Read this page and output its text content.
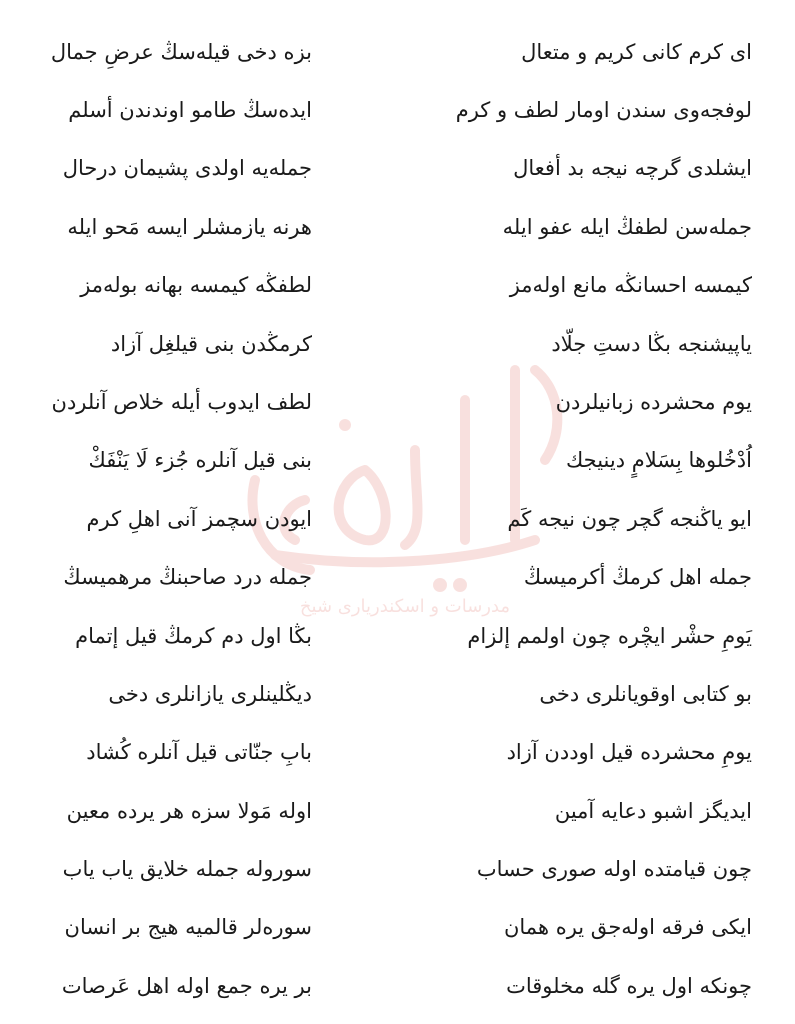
مدرسات و اسکندریاری شیخ
ای کرم کانی کریم و متعال
بزه دخی قیله‌سڭ عرضِ جمال
لوفجه‌وی سندن اومار لطف و کرم
ایده‌سڭ طامو اوندندن أسلم
ایشلدی گرچه نیجه بد أفعال
جمله‌یه اولدی پشیمان درحال
جمله‌سن لطفڭ ایله عفو ایله
هرنه یازمشلر ایسه مَحو ایله
کیمسه احسانڭه مانع اوله‌مز
لطفڭه کیمسه بهانه بوله‌مز
یاپیشنجه بڭا دستِ جلّاد
کرمڭدن بنی قیلغِل آزاد
یوم محشرده زبانیلردن
لطف ایدوب أیله خلاص آنلردن
اُدْخُلوها بِسَلامٍ دینیجك
بنی قیل آنلره جُزء لَا یَنْفَكْ
ایو یاڭنجه گچر چون نیجه کَم
ایودن سچمز آنی اهلِ کرم
جمله اهل کرمڭ أکرمیسڭ
جمله درد صاحبنڭ مرهمیسڭ
یَومِ حشْر ایچْره چون اولمم إلزام
بڭا اول دم کرمڭ قیل إتمام
بو کتابی اوقویانلری دخی
دیڭلینلری یازانلری دخی
یومِ محشرده قیل اوددن آزاد
بابِ جنّاتی قیل آنلره کُشاد
ایدیگز اشبو دعایه آمین
اوله مَولا سزه هر یرده معین
چون قیامتده اوله صوری حساب
سوروله جمله خلایق یاب یاب
ایکی فرقه اوله‌جق یره همان
سوره‌لر قالمیه هیج بر انسان
چونکه اول یره گله مخلوقات
بر یره جمع اوله اهل عَرصات
